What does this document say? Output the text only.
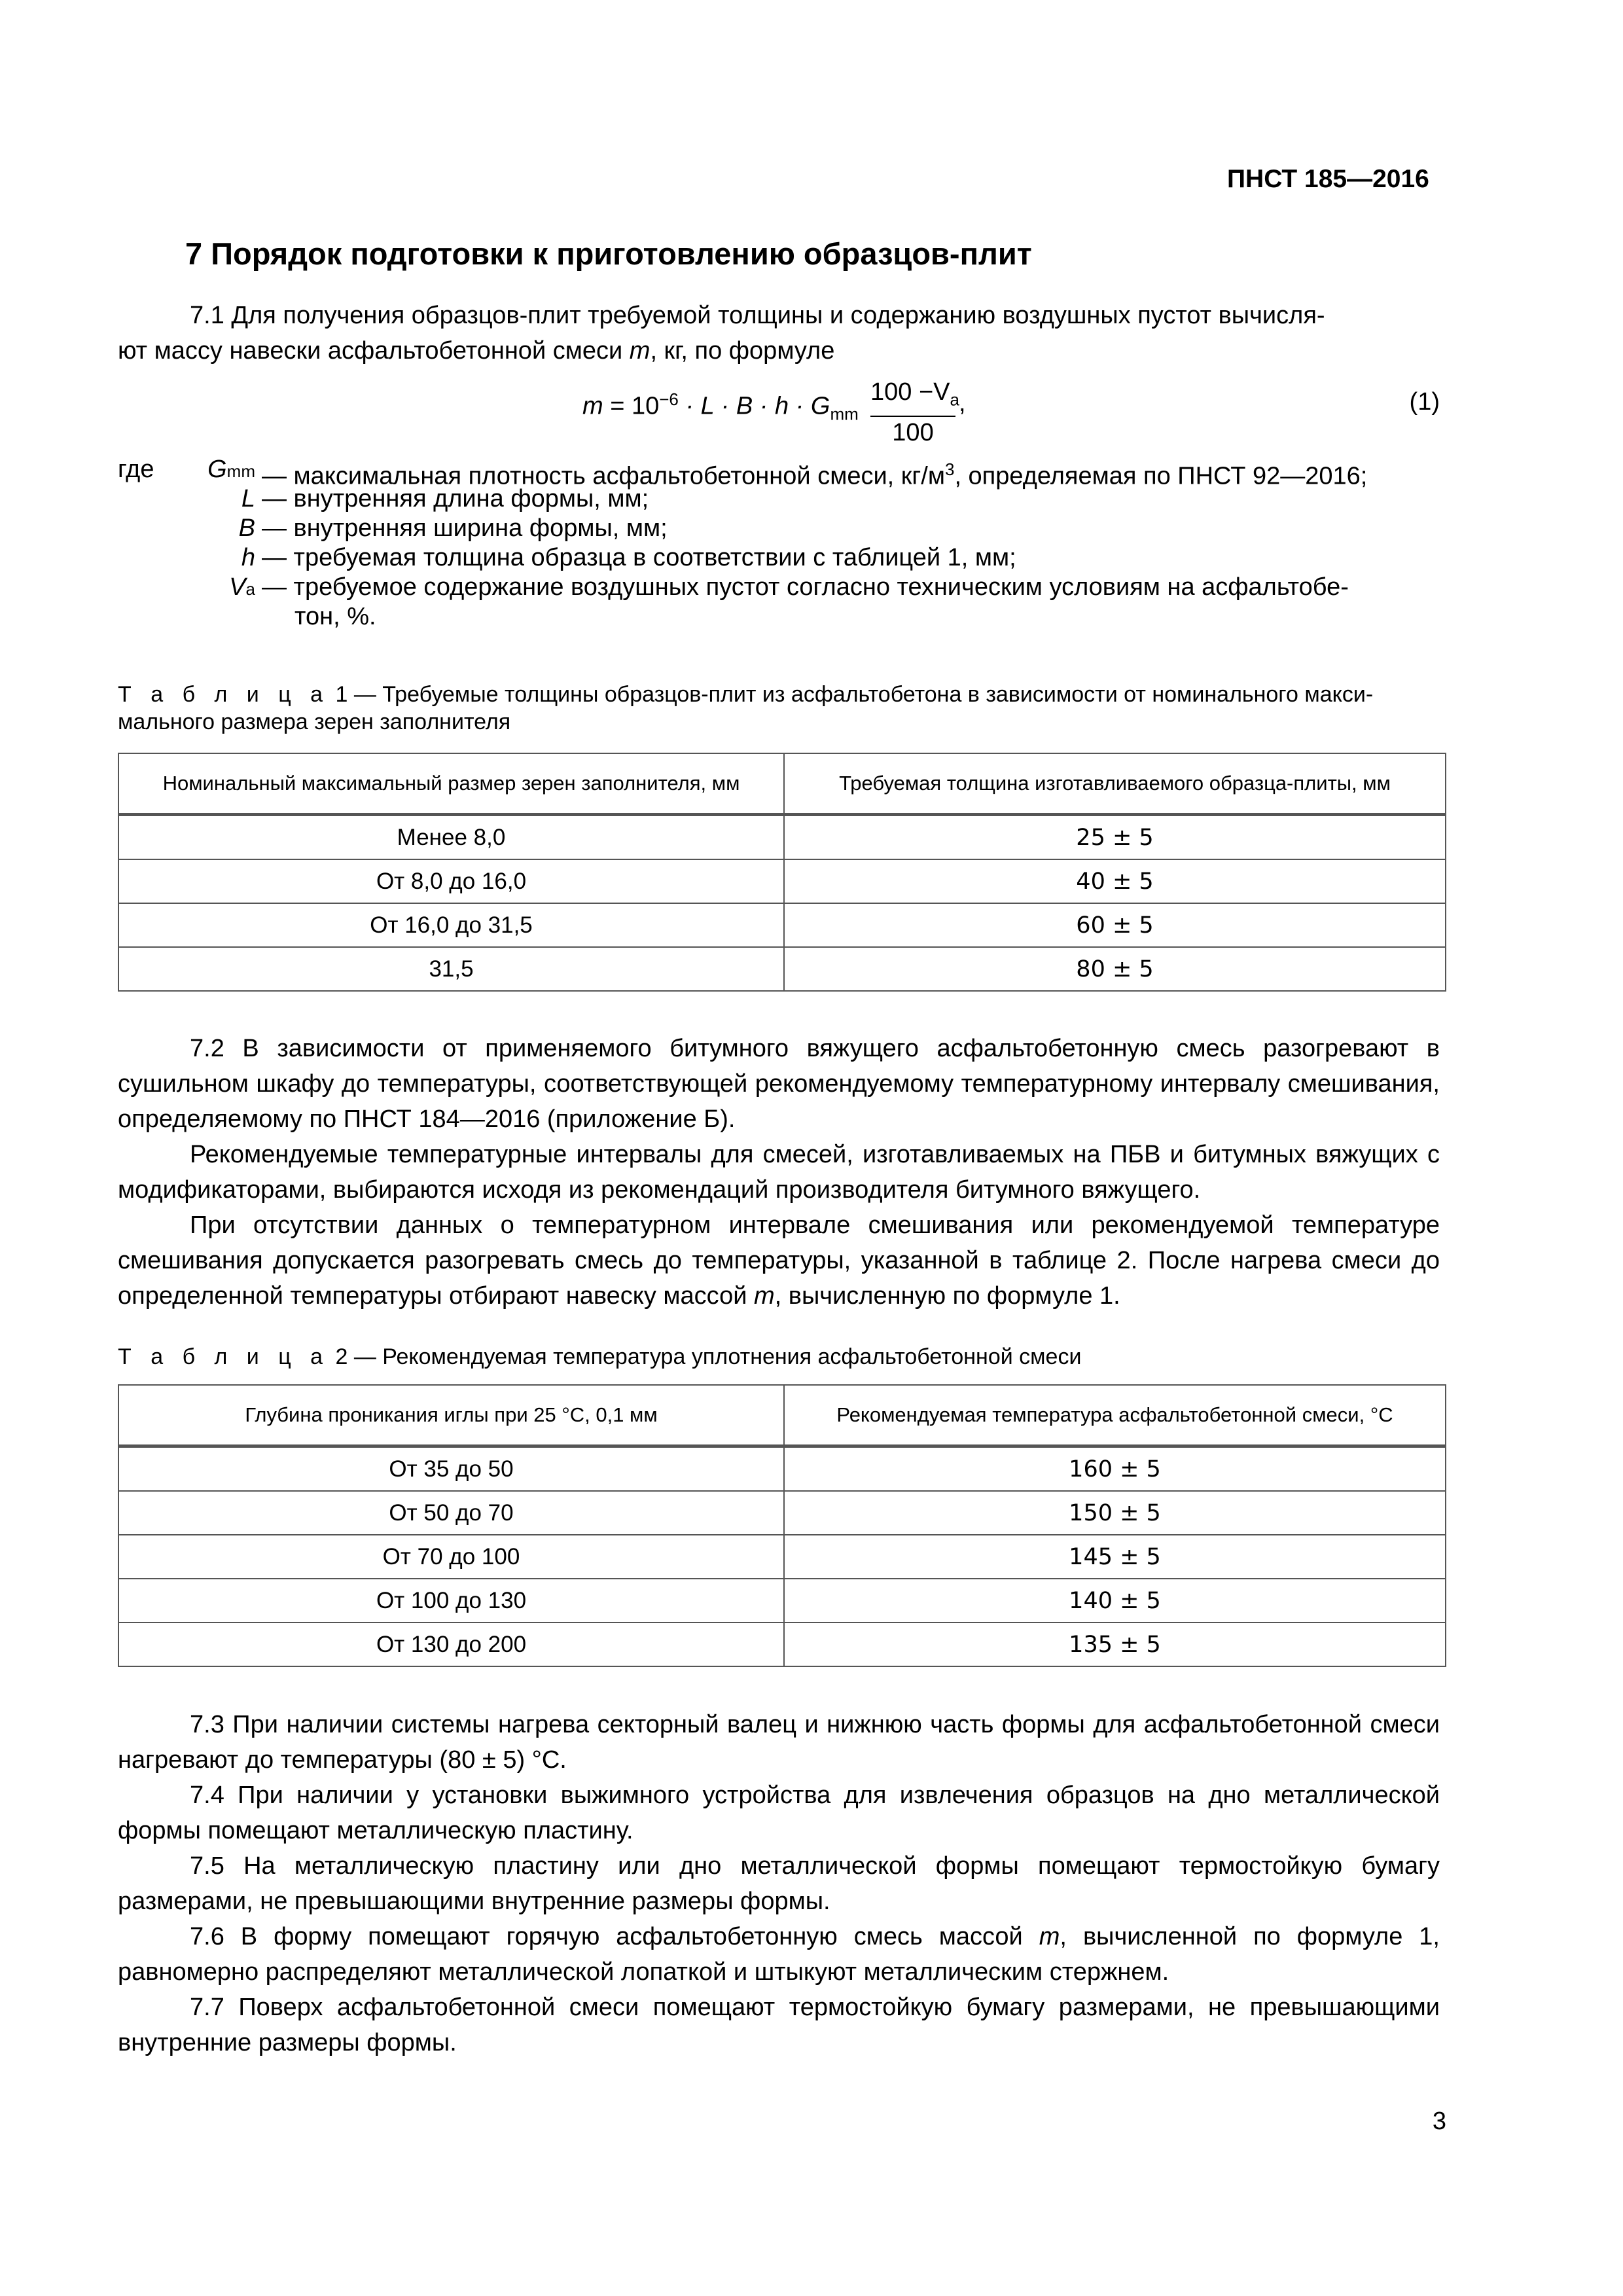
ПНСТ 185—2016
7 Порядок подготовки к приготовлению образцов-плит

7.1 Для получения образцов-плит требуемой толщины и содержанию воздушных пустот вычисля-
ют массу навески асфальтобетонной смеси m, кг, по формуле

$m = 10^{-6} \cdot L \cdot B \cdot h \cdot G_{mm}$
$100 -V_a$
100
,	(1)
где G mm — максимальная плотность асфальтобетонной смеси, $кг/м^3$, определяемая по ПНСТ 92—2016;
L — внутренняя длина формы, мм;
B — внутренняя ширина формы, мм;
h — требуемая толщина образца в соответствии с таблицей 1, мм;
V a — требуемое содержание воздушных пустот согласно техническим условиям на асфальтобе-
тон, %.

Т а б л и ц а 1 — Требуемые толщины образцов-плит из асфальтобетона в зависимости от номинального макси-
мального размера зерен заполнителя

Номинальный максимальный размер зерен заполнителя, мм	Требуемая толщина изготавливаемого образца-плиты, мм
Менее 8,0	25 ± 5
От 8,0 до 16,0	40 ± 5
От 16,0 до 31,5	60 ± 5
31,5	80 ± 5

7.2 В зависимости от применяемого битумного вяжущего асфальтобетонную смесь разогревают в сушильном шкафу до температуры, соответствующей рекомендуемому температурному интервалу смешивания, определяемому по ПНСТ 184—2016 (приложение Б).

Рекомендуемые температурные интервалы для смесей, изготавливаемых на ПБВ и битумных вяжущих с модификаторами, выбираются исходя из рекомендаций производителя битумного вяжущего.

При отсутствии данных о температурном интервале смешивания или рекомендуемой температуре смешивания допускается разогревать смесь до температуры, указанной в таблице 2. После нагрева смеси до определенной температуры отбирают навеску массой m, вычисленную по формуле 1.

Т а б л и ц а 2 — Рекомендуемая температура уплотнения асфальтобетонной смеси

Глубина проникания иглы при 25 °С, 0,1 мм	Рекомендуемая температура асфальтобетонной смеси, °С
От 35 до 50	160 ± 5
От 50 до 70	150 ± 5
От 70 до 100	145 ± 5
От 100 до 130	140 ± 5
От 130 до 200	135 ± 5

7.3 При наличии системы нагрева секторный валец и нижнюю часть формы для асфальтобетонной смеси нагревают до температуры (80 ± 5) °С.

7.4 При наличии у установки выжимного устройства для извлечения образцов на дно металлической формы помещают металлическую пластину.

7.5 На металлическую пластину или дно металлической формы помещают термостойкую бумагу размерами, не превышающими внутренние размеры формы.

7.6 В форму помещают горячую асфальтобетонную смесь массой m, вычисленной по формуле 1, равномерно распределяют металлической лопаткой и штыкуют металлическим стержнем.

7.7 Поверх асфальтобетонной смеси помещают термостойкую бумагу размерами, не превышающими внутренние размеры формы.

3
